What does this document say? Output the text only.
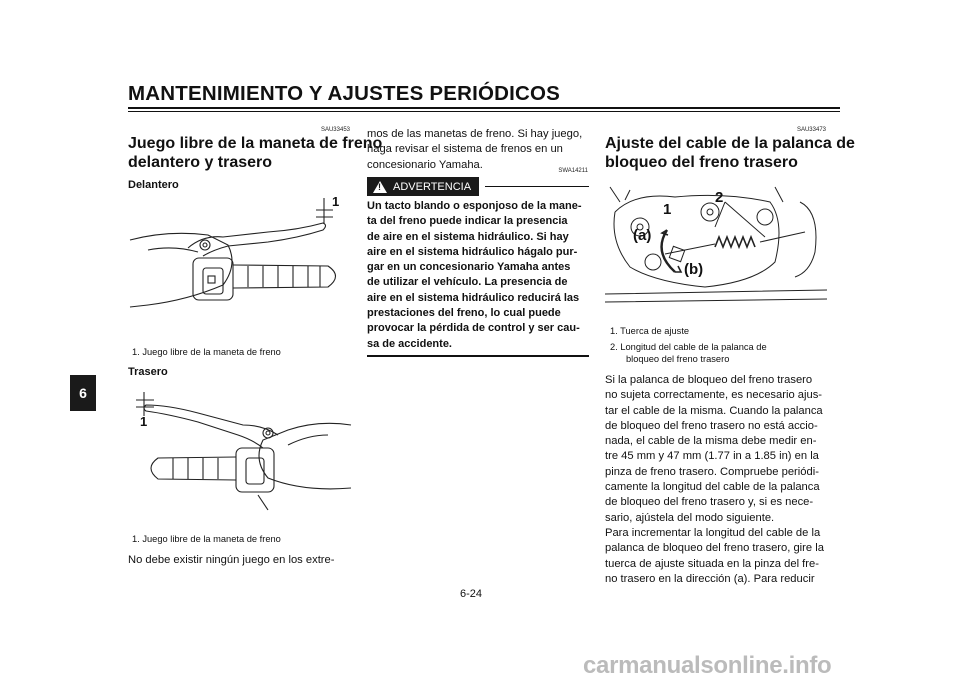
MANTENIMIENTO Y AJUSTES PERIÓDICOS
6
SAU33453
Juego libre de la maneta de freno
delantero y trasero
Delantero
1
1. Juego libre de la maneta de freno
Trasero
1
1. Juego libre de la maneta de freno
No debe existir ningún juego en los extre-
mos de las manetas de freno. Si hay juego,
haga revisar el sistema de frenos en un
concesionario Yamaha.
SWA14211
!
ADVERTENCIA
Un tacto blando o esponjoso de la mane-
ta del freno puede indicar la presencia
de aire en el sistema hidráulico. Si hay
aire en el sistema hidráulico hágalo pur-
gar en un concesionario Yamaha antes
de utilizar el vehículo. La presencia de
aire en el sistema hidráulico reducirá las
prestaciones del freno, lo cual puede
provocar la pérdida de control y ser cau-
sa de accidente.
SAU33473
Ajuste del cable de la palanca de
bloqueo del freno trasero
1
2
(a)
(b)
1. Tuerca de ajuste
2. Longitud del cable de la palanca de
bloqueo del freno trasero
Si la palanca de bloqueo del freno trasero
no sujeta correctamente, es necesario ajus-
tar el cable de la misma. Cuando la palanca
de bloqueo del freno trasero no está accio-
nada, el cable de la misma debe medir en-
tre 45 mm y 47 mm (1.77 in a 1.85 in) en la
pinza de freno trasero. Compruebe periódi-
camente la longitud del cable de la palanca
de bloqueo del freno trasero y, si es nece-
sario, ajústela del modo siguiente.
Para incrementar la longitud del cable de la
palanca de bloqueo del freno trasero, gire la
tuerca de ajuste situada en la pinza del fre-
no trasero en la dirección (a). Para reducir
6-24
carmanualsonline.info
